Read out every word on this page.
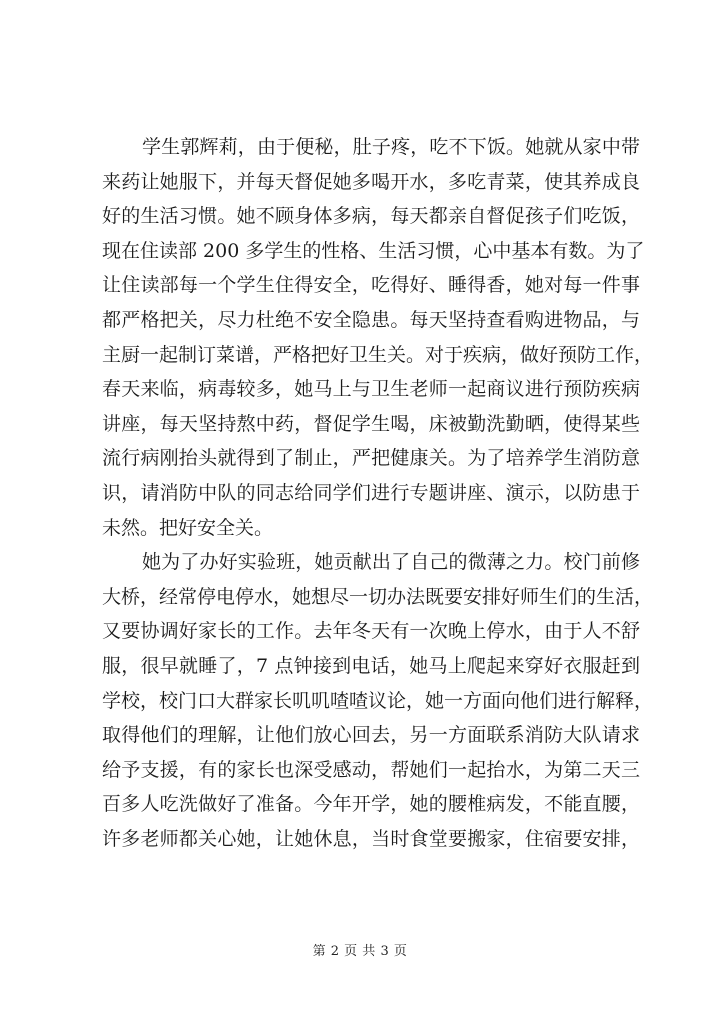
学生郭辉莉，由于便秘，肚子疼，吃不下饭。她就从家中带
来药让她服下，并每天督促她多喝开水，多吃青菜，使其养成良
好的生活习惯。她不顾身体多病，每天都亲自督促孩子们吃饭，
现在住读部 200 多学生的性格、生活习惯，心中基本有数。为了
让住读部每一个学生住得安全，吃得好、睡得香，她对每一件事
都严格把关，尽力杜绝不安全隐患。每天坚持查看购进物品，与
主厨一起制订菜谱，严格把好卫生关。对于疾病，做好预防工作，
春天来临，病毒较多，她马上与卫生老师一起商议进行预防疾病
讲座，每天坚持熬中药，督促学生喝，床被勤洗勤晒，使得某些
流行病刚抬头就得到了制止，严把健康关。为了培养学生消防意
识，请消防中队的同志给同学们进行专题讲座、演示，以防患于
未然。把好安全关。
她为了办好实验班，她贡献出了自己的微薄之力。校门前修
大桥，经常停电停水，她想尽一切办法既要安排好师生们的生活，
又要协调好家长的工作。去年冬天有一次晚上停水，由于人不舒
服，很早就睡了，7 点钟接到电话，她马上爬起来穿好衣服赶到
学校，校门口大群家长叽叽喳喳议论，她一方面向他们进行解释，
取得他们的理解，让他们放心回去，另一方面联系消防大队请求
给予支援，有的家长也深受感动，帮她们一起抬水，为第二天三
百多人吃洗做好了准备。今年开学，她的腰椎病发，不能直腰，
许多老师都关心她，让她休息，当时食堂要搬家，住宿要安排，
第 2 页 共 3 页
